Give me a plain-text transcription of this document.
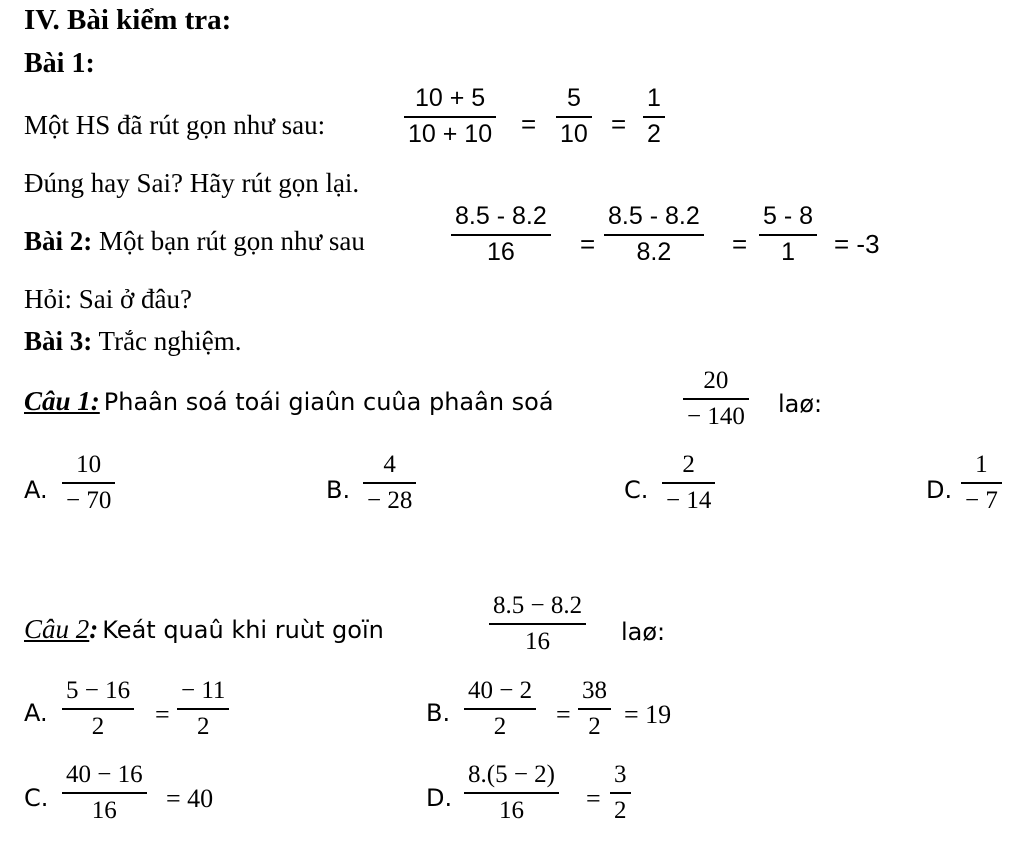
IV. Bài kiểm tra:
Bài 1:
Một HS đã rút gọn như sau:
10 + 5
10 + 10 =
5
10 =
1
2
Đúng hay Sai? Hãy rút gọn lại.
Bài 2: Một bạn rút gọn như sau
8.5 - 8.2
16	=
8.5 - 8.2
8.2 =
5 - 8
1 = -3
Hỏi: Sai ở đâu?
Bài 3: Trắc nghiệm.
Câu 1: Phaân soá toái giaûn cuûa phaân soá
20
− 140 laø:
A.
10
− 70	B.
4
− 28	C.
2
− 14	D.
1
− 7
Câu 2: Keát quaû khi ruùt goïn
8.5 − 8.2
16	laø:
A.
5 − 16
2 =
− 11
2	B.
40 − 2
2 =
38
2 = 19
C.
40 − 16
16 = 40	D.
8.(5 − 2)
16 =
3
2
